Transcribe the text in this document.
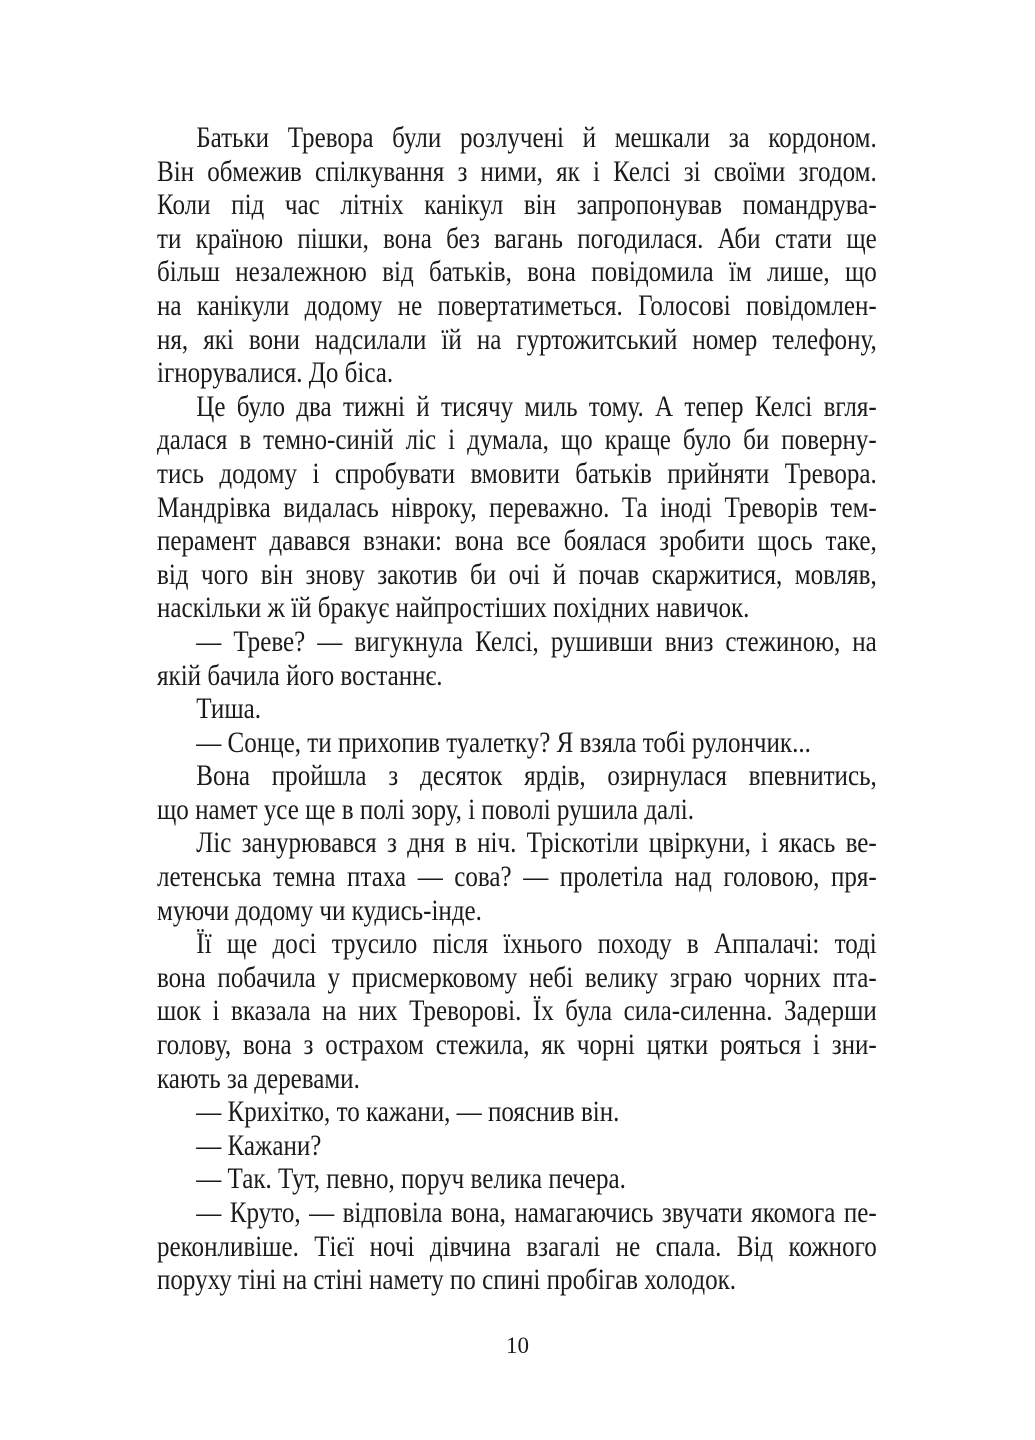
Батьки Тревора були розлучені й мешкали за кордоном.
Він обмежив спілкування з ними, як і Келсі зі своїми згодом.
Коли під час літніх канікул він запропонував помандрува-
ти країною пішки, вона без вагань погодилася. Аби стати ще
більш незалежною від батьків, вона повідомила їм лише, що
на канікули додому не повертатиметься. Голосові повідомлен-
ня, які вони надсилали їй на гуртожитський номер телефону,
ігнорувалися. До біса.
Це було два тижні й тисячу миль тому. А тепер Келсі вгля-
далася в темно-синій ліс і думала, що краще було би поверну-
тись додому і спробувати вмовити батьків прийняти Тревора.
Мандрівка видалась нівроку, переважно. Та іноді Треворів тем-
перамент давався взнаки: вона все боялася зробити щось таке,
від чого він знову закотив би очі й почав скаржитися, мовляв,
наскільки ж їй бракує найпростіших похідних навичок.
— Треве? — вигукнула Келсі, рушивши вниз стежиною, на
якій бачила його востаннє.
Тиша.
— Сонце, ти прихопив туалетку? Я взяла тобі рулончик...
Вона пройшла з десяток ярдів, озирнулася впевнитись,
що намет усе ще в полі зору, і поволі рушила далі.
Ліс занурювався з дня в ніч. Тріскотіли цвіркуни, і якась ве-
летенська темна птаха — сова? — пролетіла над головою, пря-
муючи додому чи кудись-інде.
Її ще досі трусило після їхнього походу в Аппалачі: тоді
вона побачила у присмерковому небі велику зграю чорних пта-
шок і вказала на них Треворові. Їх була сила-силенна. Задерши
голову, вона з острахом стежила, як чорні цятки рояться і зни-
кають за деревами.
— Крихітко, то кажани, — пояснив він.
— Кажани?
— Так. Тут, певно, поруч велика печера.
— Круто, — відповіла вона, намагаючись звучати якомога пе-
реконливіше. Тієї ночі дівчина взагалі не спала. Від кожного
поруху тіні на стіні намету по спині пробігав холодок.
10
